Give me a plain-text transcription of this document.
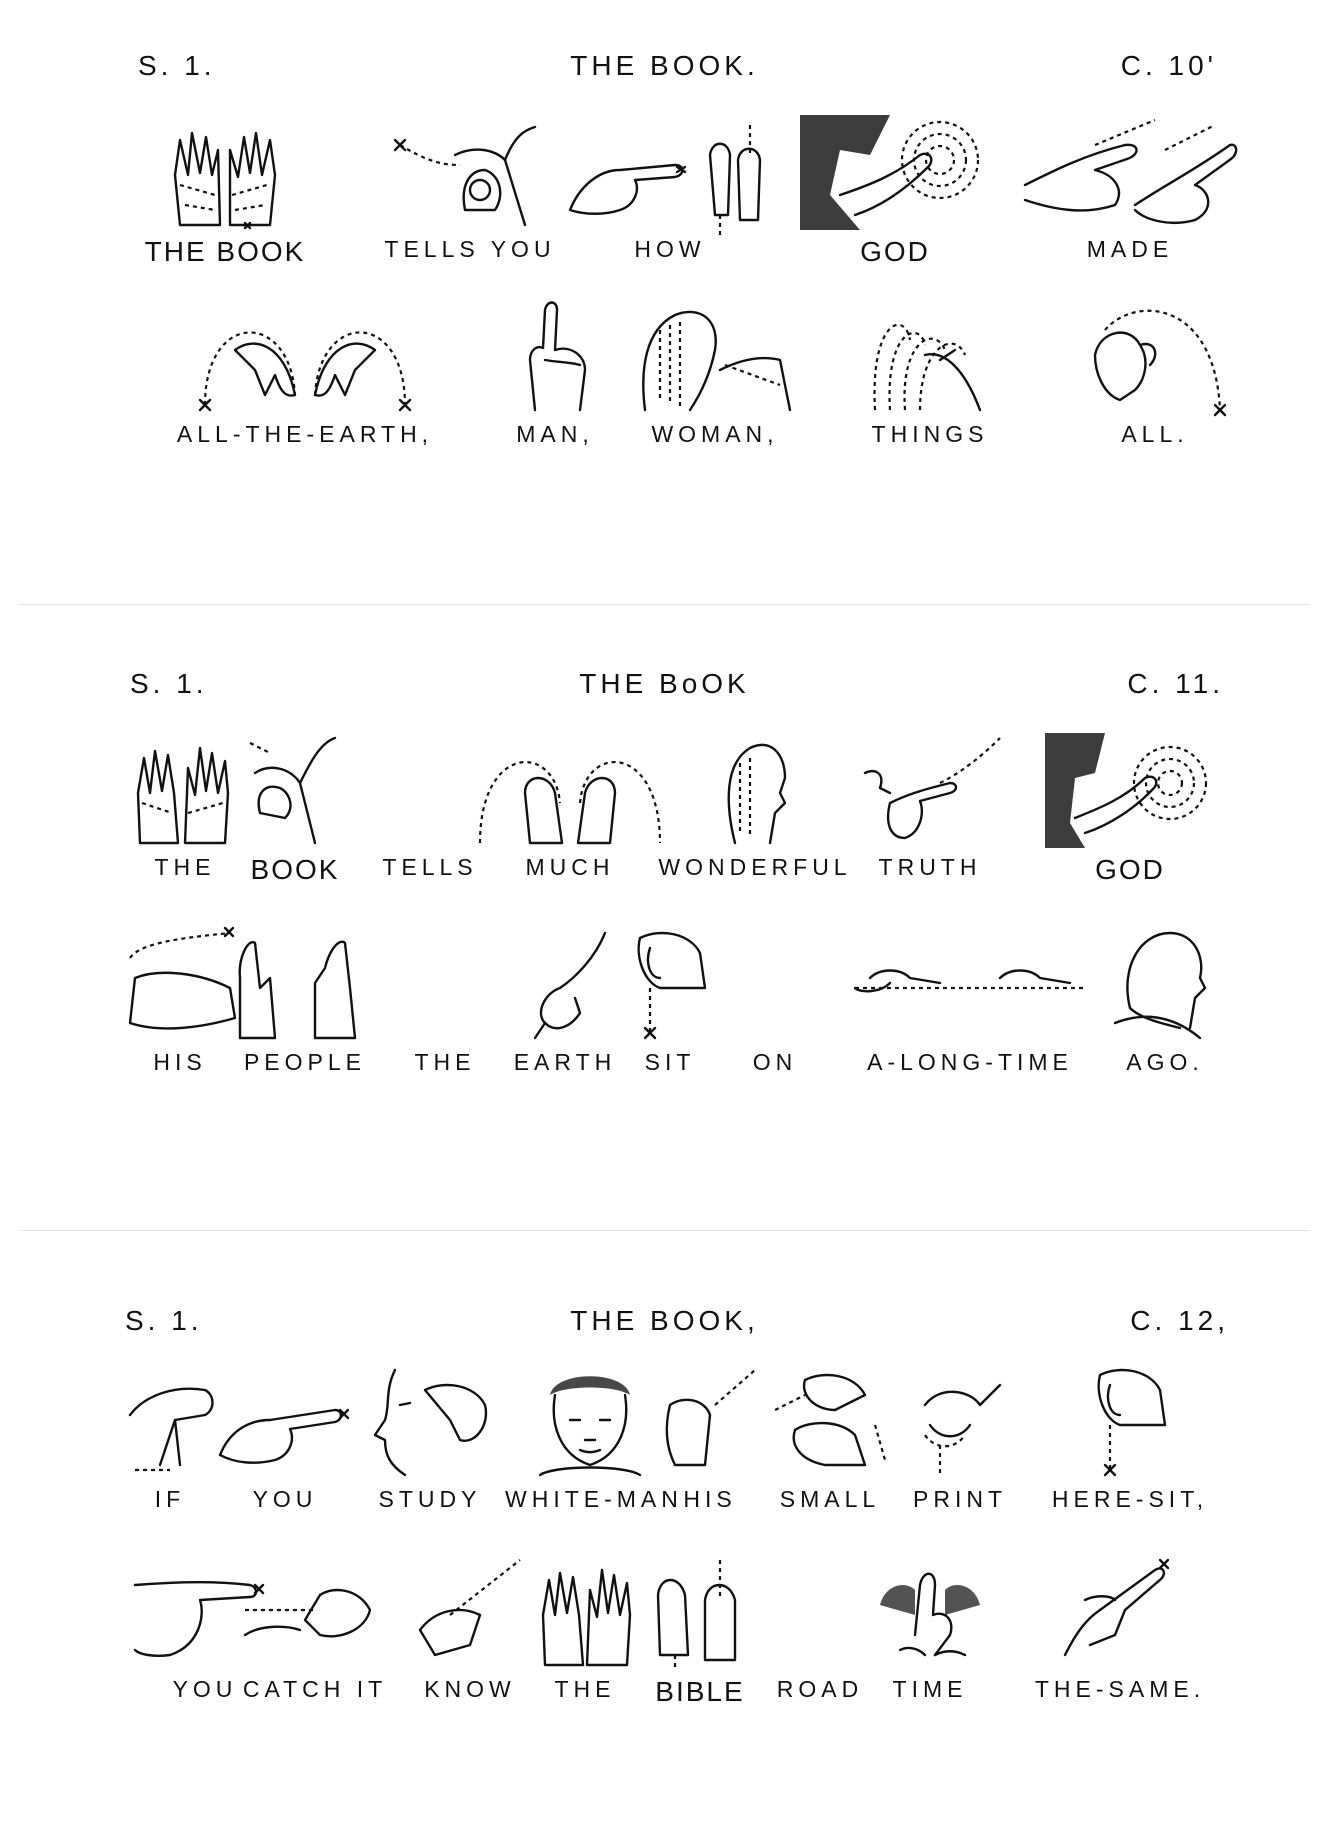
S. 1.	THE BOOK.	C. 10'
THE BOOK	TELLS YOU	HOW	GOD	MADE
ALL-THE-EARTH,	MAN,	WOMAN,	THINGS	ALL.
S. 1.	THE BoOK	C. 11.
THE	BOOK	TELLS	MUCH	WONDERFUL	TRUTH	GOD
HIS	PEOPLE	THE	EARTH	SIT	ON	A-LONG-TIME	AGO.
S. 1.	THE BOOK,	C. 12,
IF	YOU	STUDY	WHITE-MAN HIS	SMALL	PRINT	HERE-SIT,
YOU CATCH IT	KNOW	THE	BIBLE	ROAD	TIME	THE-SAME.
